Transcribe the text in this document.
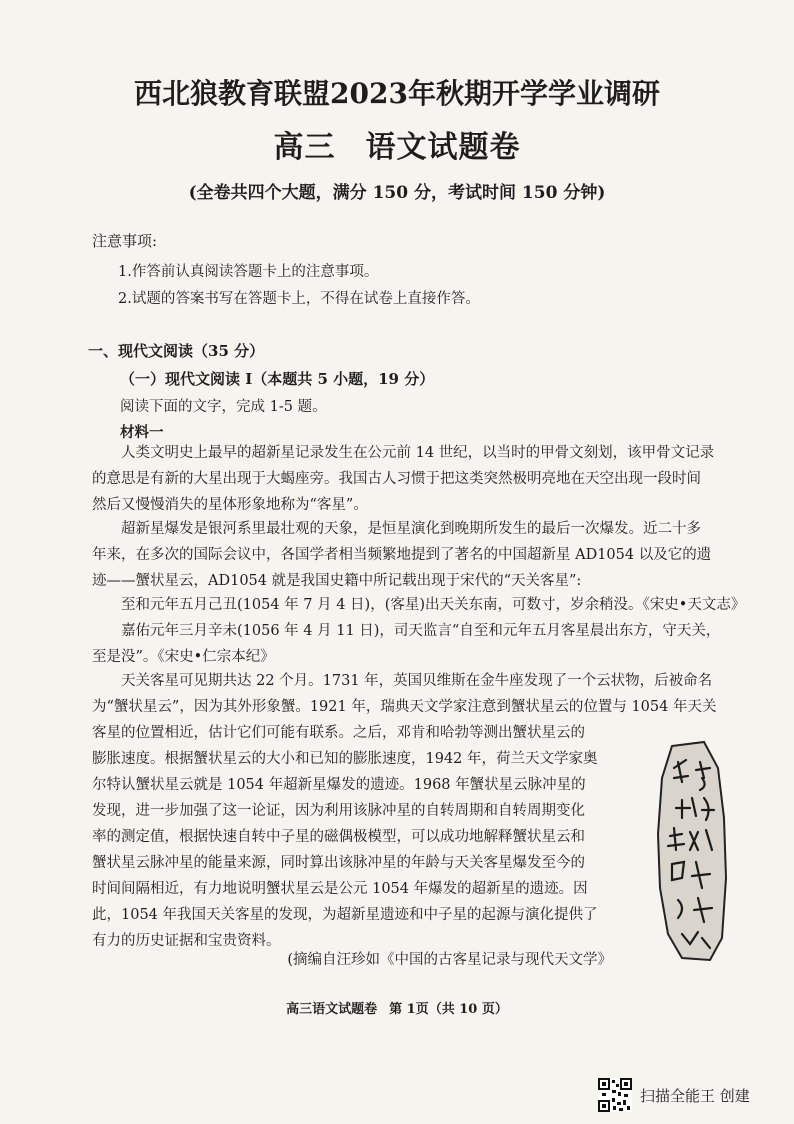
西北狼教育联盟2023年秋期开学学业调研
高三 语文试题卷
(全卷共四个大题，满分 150 分，考试时间 150 分钟)
注意事项:
1.作答前认真阅读答题卡上的注意事项。
2.试题的答案书写在答题卡上，不得在试卷上直接作答。
一、现代文阅读（35 分）
（一）现代文阅读 I（本题共 5 小题，19 分）
阅读下面的文字，完成 1-5 题。
材料一
　　人类文明史上最早的超新星记录发生在公元前 14 世纪，以当时的甲骨文刻划，该甲骨文记录
的意思是有新的大星出现于大蝎座旁。我国古人习惯于把这类突然极明亮地在天空出现一段时间
然后又慢慢消失的星体形象地称为“客星”。
　　超新星爆发是银河系里最壮观的天象，是恒星演化到晚期所发生的最后一次爆发。近二十多
年来，在多次的国际会议中，各国学者相当频繁地提到了著名的中国超新星 AD1054 以及它的遗
迹——蟹状星云，AD1054 就是我国史籍中所记载出现于宋代的“天关客星”:
　　至和元年五月己丑(1054 年 7 月 4 日)，(客星)出天关东南，可数寸，岁余稍没。《宋史•天文志》
　　嘉佑元年三月辛未(1056 年 4 月 11 日)，司天监言“自至和元年五月客星晨出东方，守天关，
至是没”。《宋史•仁宗本纪》
　　天关客星可见期共达 22 个月。1731 年，英国贝维斯在金牛座发现了一个云状物，后被命名
为“蟹状星云”，因为其外形象蟹。1921 年，瑞典天文学家注意到蟹状星云的位置与 1054 年天关
客星的位置相近，估计它们可能有联系。之后，邓肯和哈勃等测出蟹状星云的
膨胀速度。根据蟹状星云的大小和已知的膨胀速度，1942 年，荷兰天文学家奥
尔特认蟹状星云就是 1054 年超新星爆发的遗迹。1968 年蟹状星云脉冲星的
发现，进一步加强了这一论证，因为利用该脉冲星的自转周期和自转周期变化
率的测定值，根据快速自转中子星的磁偶极模型，可以成功地解释蟹状星云和
蟹状星云脉冲星的能量来源，同时算出该脉冲星的年龄与天关客星爆发至今的
时间间隔相近，有力地说明蟹状星云是公元 1054 年爆发的超新星的遗迹。因
此，1054 年我国天关客星的发现，为超新星遗迹和中子星的起源与演化提供了
有力的历史证据和宝贵资料。
(摘编自汪珍如《中国的古客星记录与现代天文学》
高三语文试题卷 第 1页（共 10 页）
扫描全能王 创建
